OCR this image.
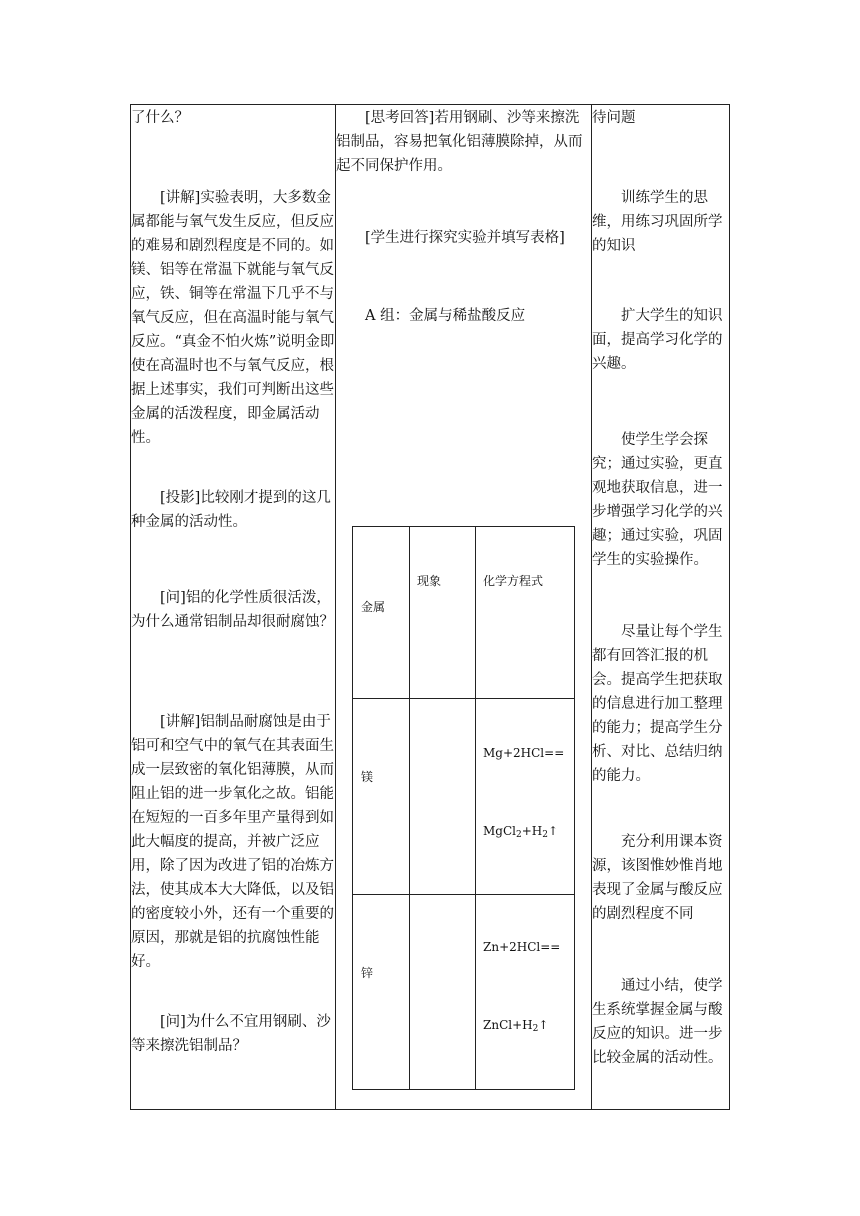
了什么？

[讲解]实验表明，大多数金属都能与氧气发生反应，但反应的难易和剧烈程度是不同的。如镁、铝等在常温下就能与氧气反应，铁、铜等在常温下几乎不与氧气反应，但在高温时能与氧气反应。“真金不怕火炼”说明金即使在高温时也不与氧气反应，根据上述事实，我们可判断出这些金属的活泼程度，即金属活动性。

[投影]比较刚才提到的这几种金属的活动性。

[问]铝的化学性质很活泼，为什么通常铝制品却很耐腐蚀？

[讲解]铝制品耐腐蚀是由于铝可和空气中的氧气在其表面生成一层致密的氧化铝薄膜，从而阻止铝的进一步氧化之故。铝能在短短的一百多年里产量得到如此大幅度的提高，并被广泛应用，除了因为改进了铝的冶炼方法，使其成本大大降低，以及铝的密度较小外，还有一个重要的原因，那就是铝的抗腐蚀性能好。

[问]为什么不宜用钢刷、沙等来擦洗铝制品？

[思考回答]若用钢刷、沙等来擦洗铝制品，容易把氧化铝薄膜除掉，从而起不同保护作用。

[学生进行探究实验并填写表格]

A 组：金属与稀盐酸反应

金属
现象	化学方程式
镁
Mg+2HCl==
$MgCl_2+H_2↑$
锌
Zn+2HCl==
$ZnCl+H_2↑$

待问题

训练学生的思维，用练习巩固所学的知识

扩大学生的知识面，提高学习化学的兴趣。

使学生学会探究；通过实验，更直观地获取信息，进一步增强学习化学的兴趣；通过实验，巩固学生的实验操作。

尽量让每个学生都有回答汇报的机会。提高学生把获取的信息进行加工整理的能力；提高学生分析、对比、总结归纳的能力。

充分利用课本资源，该图惟妙惟肖地表现了金属与酸反应的剧烈程度不同

通过小结，使学生系统掌握金属与酸反应的知识。进一步比较金属的活动性。
